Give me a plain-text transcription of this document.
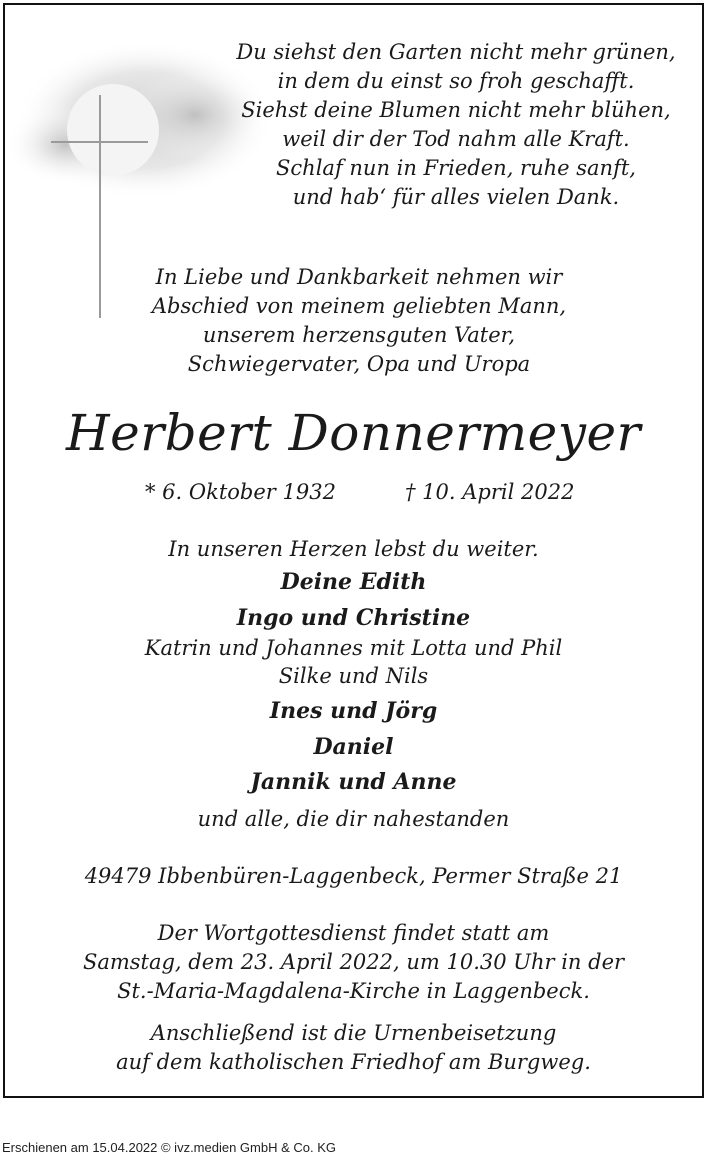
Du siehst den Garten nicht mehr grünen,
in dem du einst so froh geschafft.
Siehst deine Blumen nicht mehr blühen,
weil dir der Tod nahm alle Kraft.
Schlaf nun in Frieden, ruhe sanft,
und hab‘ für alles vielen Dank.
In Liebe und Dankbarkeit nehmen wir
Abschied von meinem geliebten Mann,
unserem herzensguten Vater,
Schwiegervater, Opa und Uropa
Herbert Donnermeyer
* 6. Oktober 1932	† 10. April 2022
In unseren Herzen lebst du weiter.
Deine Edith
Ingo und Christine
Katrin und Johannes mit Lotta und Phil
Silke und Nils
Ines und Jörg
Daniel
Jannik und Anne
und alle, die dir nahestanden
49479 Ibbenbüren-Laggenbeck, Permer Straße 21
Der Wortgottesdienst findet statt am
Samstag, dem 23. April 2022, um 10.30 Uhr in der
St.-Maria-Magdalena-Kirche in Laggenbeck.
Anschließend ist die Urnenbeisetzung
auf dem katholischen Friedhof am Burgweg.
Erschienen am 15.04.2022 © ivz.medien GmbH & Co. KG
